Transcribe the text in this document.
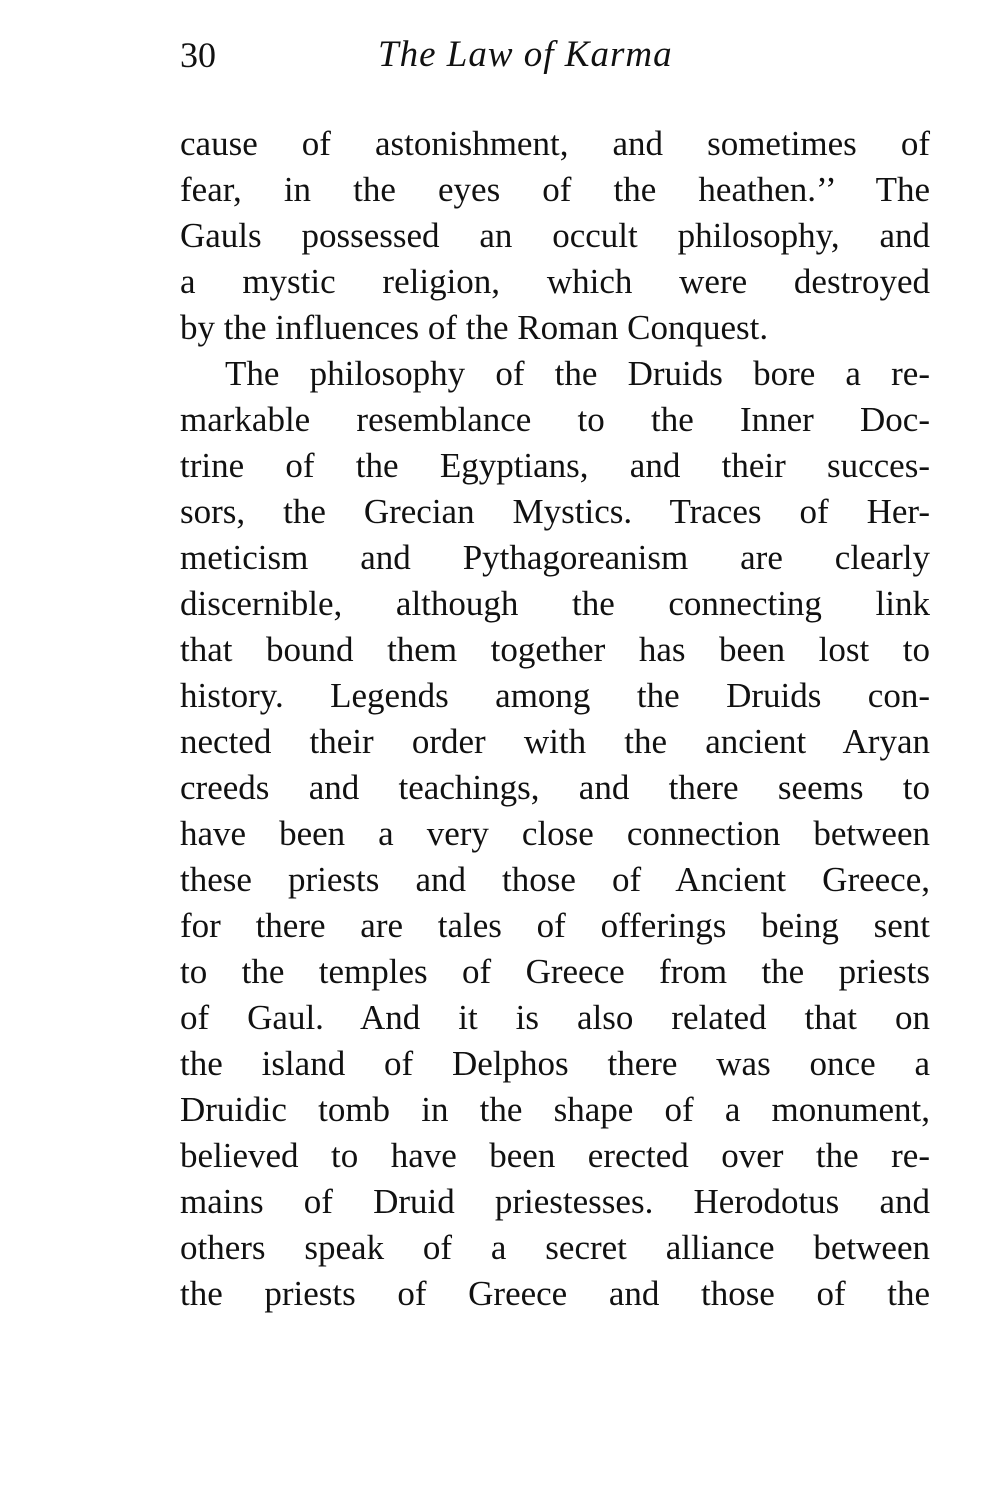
30	The Law of Karma
cause of astonishment, and sometimes of
fear, in the eyes of the heathen.’’ The
Gauls possessed an occult philosophy, and
a mystic religion, which were destroyed
by the influences of the Roman Conquest.
The philosophy of the Druids bore a re-
markable resemblance to the Inner Doc-
trine of the Egyptians, and their succes-
sors, the Grecian Mystics. Traces of Her-
meticism and Pythagoreanism are clearly
discernible, although the connecting link
that bound them together has been lost to
history. Legends among the Druids con-
nected their order with the ancient Aryan
creeds and teachings, and there seems to
have been a very close connection between
these priests and those of Ancient Greece,
for there are tales of offerings being sent
to the temples of Greece from the priests
of Gaul. And it is also related that on
the island of Delphos there was once a
Druidic tomb in the shape of a monument,
believed to have been erected over the re-
mains of Druid priestesses. Herodotus and
others speak of a secret alliance between
the priests of Greece and those of the
